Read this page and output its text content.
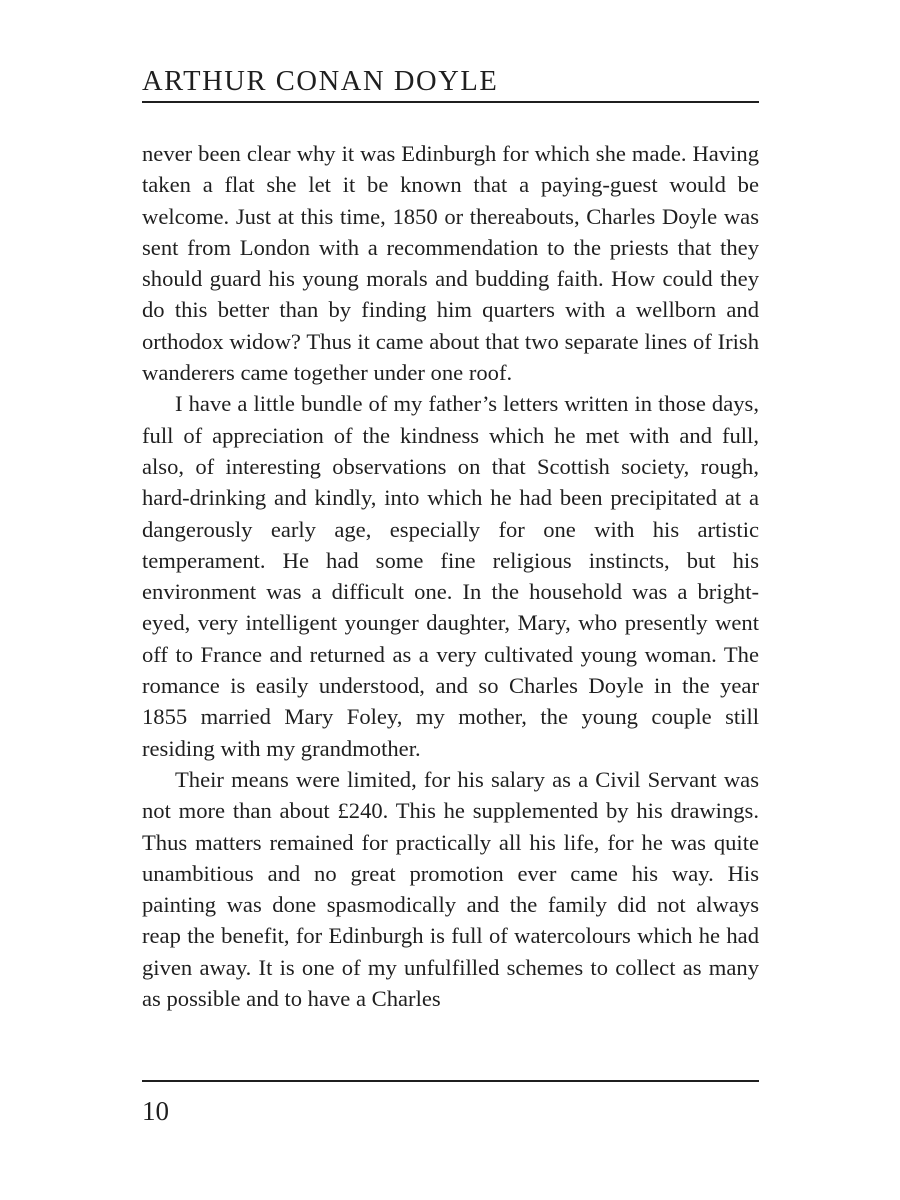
ARTHUR CONAN DOYLE

never been clear why it was Edinburgh for which she made. Having taken a flat she let it be known that a paying-guest would be welcome. Just at this time, 1850 or thereabouts, Charles Doyle was sent from London with a recommendation to the priests that they should guard his young morals and budding faith. How could they do this better than by finding him quarters with a wellborn and orthodox widow? Thus it came about that two separate lines of Irish wanderers came together under one roof.

I have a little bundle of my father’s letters written in those days, full of appreciation of the kindness which he met with and full, also, of interesting observations on that Scottish society, rough, hard-drinking and kindly, into which he had been precipitated at a dangerously early age, especially for one with his artistic temperament. He had some fine religious instincts, but his environment was a difficult one. In the household was a bright-eyed, very intelligent younger daughter, Mary, who presently went off to France and returned as a very cultivated young woman. The romance is easily understood, and so Charles Doyle in the year 1855 married Mary Foley, my mother, the young couple still residing with my grandmother.

Their means were limited, for his salary as a Civil Servant was not more than about £240. This he supplemented by his drawings. Thus matters remained for practically all his life, for he was quite unambitious and no great promotion ever came his way. His painting was done spasmodically and the family did not always reap the benefit, for Edinburgh is full of watercolours which he had given away. It is one of my unfulfilled schemes to collect as many as possible and to have a Charles

10
